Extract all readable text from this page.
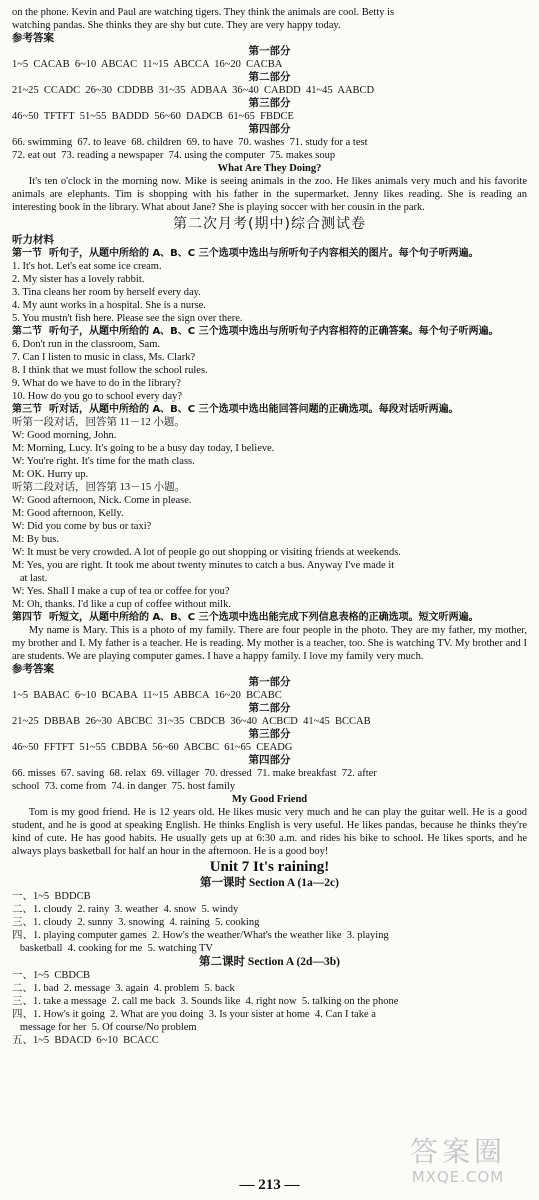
on the phone. Kevin and Paul are watching tigers. They think the animals are cool. Betty is
watching pandas. She thinks they are shy but cute. They are very happy today.
参考答案
第一部分
1~5  CACAB  6~10  ABCAC  11~15  ABCCA  16~20  CACBA
第二部分
21~25  CCADC  26~30  CDDBB  31~35  ADBAA  36~40  CABDD  41~45  AABCD
第三部分
46~50  TFTFT  51~55  BADDD  56~60  DADCB  61~65  FBDCE
第四部分
66. swimming  67. to leave  68. children  69. to have  70. washes  71. study for a test
72. eat out  73. reading a newspaper  74. using the computer  75. makes soup
What Are They Doing?
It's ten o'clock in the morning now. Mike is seeing animals in the zoo. He likes animals very much and his favorite animals are elephants. Tim is shopping with his father in the supermarket. Jenny likes reading. She is reading an interesting book in the library. What about Jane? She is playing soccer with her cousin in the park.
第二次月考(期中)综合测试卷
听力材料
第一节  听句子，从题中所给的 A、B、C 三个选项中选出与所听句子内容相关的图片。每个句子听两遍。
1. It's hot. Let's eat some ice cream.
2. My sister has a lovely rabbit.
3. Tina cleans her room by herself every day.
4. My aunt works in a hospital. She is a nurse.
5. You mustn't fish here. Please see the sign over there.
第二节  听句子，从题中所给的 A、B、C 三个选项中选出与所听句子内容相符的正确答案。每个句子听两遍。
6. Don't run in the classroom, Sam.
7. Can I listen to music in class, Ms. Clark?
8. I think that we must follow the school rules.
9. What do we have to do in the library?
10. How do you go to school every day?
第三节  听对话，从题中所给的 A、B、C 三个选项中选出能回答问题的正确选项。每段对话听两遍。
听第一段对话，回答第 11－12 小题。
W: Good morning, John.
M: Morning, Lucy. It's going to be a busy day today, I believe.
W: You're right. It's time for the math class.
M: OK. Hurry up.
听第二段对话，回答第 13－15 小题。
W: Good afternoon, Nick. Come in please.
M: Good afternoon, Kelly.
W: Did you come by bus or taxi?
M: By bus.
W: It must be very crowded. A lot of people go out shopping or visiting friends at weekends.
M: Yes, you are right. It took me about twenty minutes to catch a bus. Anyway I've made it
at last.
W: Yes. Shall I make a cup of tea or coffee for you?
M: Oh, thanks. I'd like a cup of coffee without milk.
第四节  听短文，从题中所给的 A、B、C 三个选项中选出能完成下列信息表格的正确选项。短文听两遍。
My name is Mary. This is a photo of my family. There are four people in the photo. They are my father, my mother, my brother and I. My father is a teacher. He is reading. My mother is a teacher, too. She is watching TV. My brother and I are students. We are playing computer games. I have a happy family. I love my family very much.
参考答案
第一部分
1~5  BABAC  6~10  BCABA  11~15  ABBCA  16~20  BCABC
第二部分
21~25  DBBAB  26~30  ABCBC  31~35  CBDCB  36~40  ACBCD  41~45  BCCAB
第三部分
46~50  FFTFT  51~55  CBDBA  56~60  ABCBC  61~65  CEADG
第四部分
66. misses  67. saving  68. relax  69. villager  70. dressed  71. make breakfast  72. after
school  73. come from  74. in danger  75. host family
My Good Friend
Tom is my good friend. He is 12 years old. He likes music very much and he can play the guitar well. He is a good student, and he is good at speaking English. He thinks English is very useful. He likes pandas, because he thinks they're kind of cute. He has good habits. He usually gets up at 6:30 a.m. and rides his bike to school. He likes sports, and he always plays basketball for half an hour in the afternoon. He is a good boy!
Unit 7 It's raining!
第一课时 Section A (1a—2c)
一、1~5  BDDCB
二、1. cloudy  2. rainy  3. weather  4. snow  5. windy
三、1. cloudy  2. sunny  3. snowing  4. raining  5. cooking
四、1. playing computer games  2. How's the weather/What's the weather like  3. playing
basketball  4. cooking for me  5. watching TV
第二课时 Section A (2d—3b)
一、1~5  CBDCB
二、1. bad  2. message  3. again  4. problem  5. back
三、1. take a message  2. call me back  3. Sounds like  4. right now  5. talking on the phone
四、1. How's it going  2. What are you doing  3. Is your sister at home  4. Can I take a
message for her  5. Of course/No problem
五、1~5  BDACD  6~10  BCACC
— 213 —
答案圈
MXQE.COM
